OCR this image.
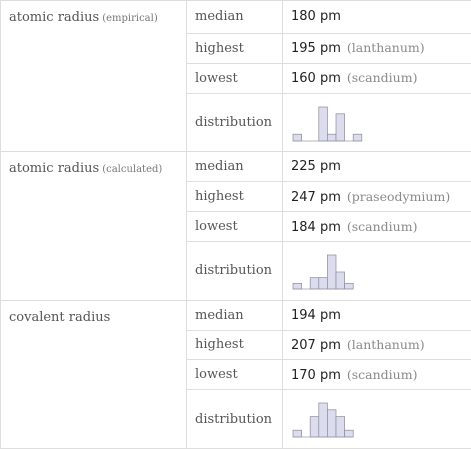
atomic radius (empirical)	median	180 pm
	highest	195 pm (lanthanum)
	lowest	160 pm (scandium)
	distribution	

atomic radius (calculated)	median	225 pm
	highest	247 pm (praseodymium)
	lowest	184 pm (scandium)
	distribution	

covalent radius	median	194 pm
	highest	207 pm (lanthanum)
	lowest	170 pm (scandium)
	distribution	
